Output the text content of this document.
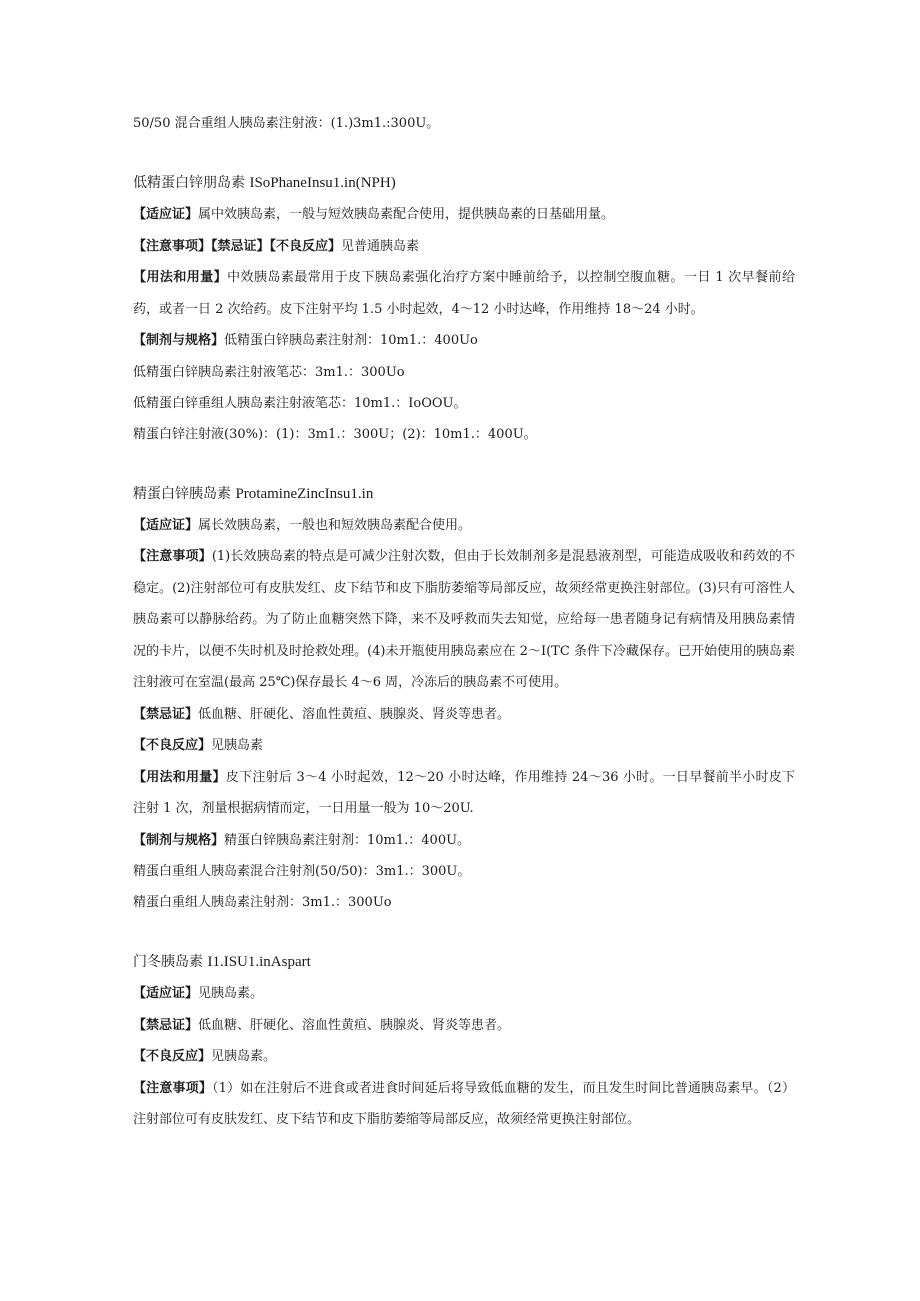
50/50 混合重组人胰岛素注射液：(1.)3m1.:300U。
低精蛋白锌朋岛素 ISoPhaneInsu1.in(NPH)
【适应证】属中效胰岛素，一般与短效胰岛素配合使用，提供胰岛素的日基础用量。
【注意事项】【禁忌证】【不良反应】见普通胰岛素
【用法和用量】中效胰岛素最常用于皮下胰岛素强化治疗方案中睡前给予，以控制空腹血糖。一日 1 次早餐前给药，或者一日 2 次给药。皮下注射平均 1.5 小时起效，4～12 小时达峰，作用维持 18～24 小时。
【制剂与规格】低精蛋白锌胰岛素注射剂：10m1.：400Uo
低精蛋白锌胰岛素注射液笔芯：3m1.：300Uo
低精蛋白锌重组人胰岛素注射液笔芯：10m1.：IoOOU。
精蛋白锌注射液(30%)：(1)：3m1.：300U；(2)：10m1.：400U。
精蛋白锌胰岛素 ProtamineZincInsu1.in
【适应证】属长效胰岛素，一般也和短效胰岛素配合使用。
【注意事项】(1)长效胰岛素的特点是可减少注射次数，但由于长效制剂多是混悬液剂型，可能造成吸收和药效的不稳定。(2)注射部位可有皮肤发红、皮下结节和皮下脂肪萎缩等局部反应，故须经常更换注射部位。(3)只有可溶性人胰岛素可以静脉给药。为了防止血糖突然下降，来不及呼救而失去知觉，应给每一患者随身记有病情及用胰岛素情况的卡片，以便不失时机及时抢救处理。(4)未开瓶使用胰岛素应在 2～I(TC 条件下冷藏保存。已开始使用的胰岛素注射液可在室温(最高 25℃)保存最长 4～6 周，冷冻后的胰岛素不可使用。
【禁忌证】低血糖、肝硬化、溶血性黄疸、胰腺炎、肾炎等患者。
【不良反应】见胰岛素
【用法和用量】皮下注射后 3～4 小时起效，12～20 小时达峰，作用维持 24～36 小时。一日早餐前半小时皮下注射 1 次，剂量根据病情而定，一日用量一般为 10～20U.
【制剂与规格】精蛋白锌胰岛素注射剂：10m1.：400U。
精蛋白重组人胰岛素混合注射剂(50/50)：3m1.：300U。
精蛋白重组人胰岛素注射剂：3m1.：300Uo
门冬胰岛素 I1.ISU1.inAspart
【适应证】见胰岛素。
【禁忌证】低血糖、肝硬化、溶血性黄疸、胰腺炎、肾炎等患者。
【不良反应】见胰岛素。
【注意事项】（1）如在注射后不进食或者进食时间延后将导致低血糖的发生，而且发生时间比普通胰岛素早。（2）注射部位可有皮肤发红、皮下结节和皮下脂肪萎缩等局部反应，故须经常更换注射部位。
